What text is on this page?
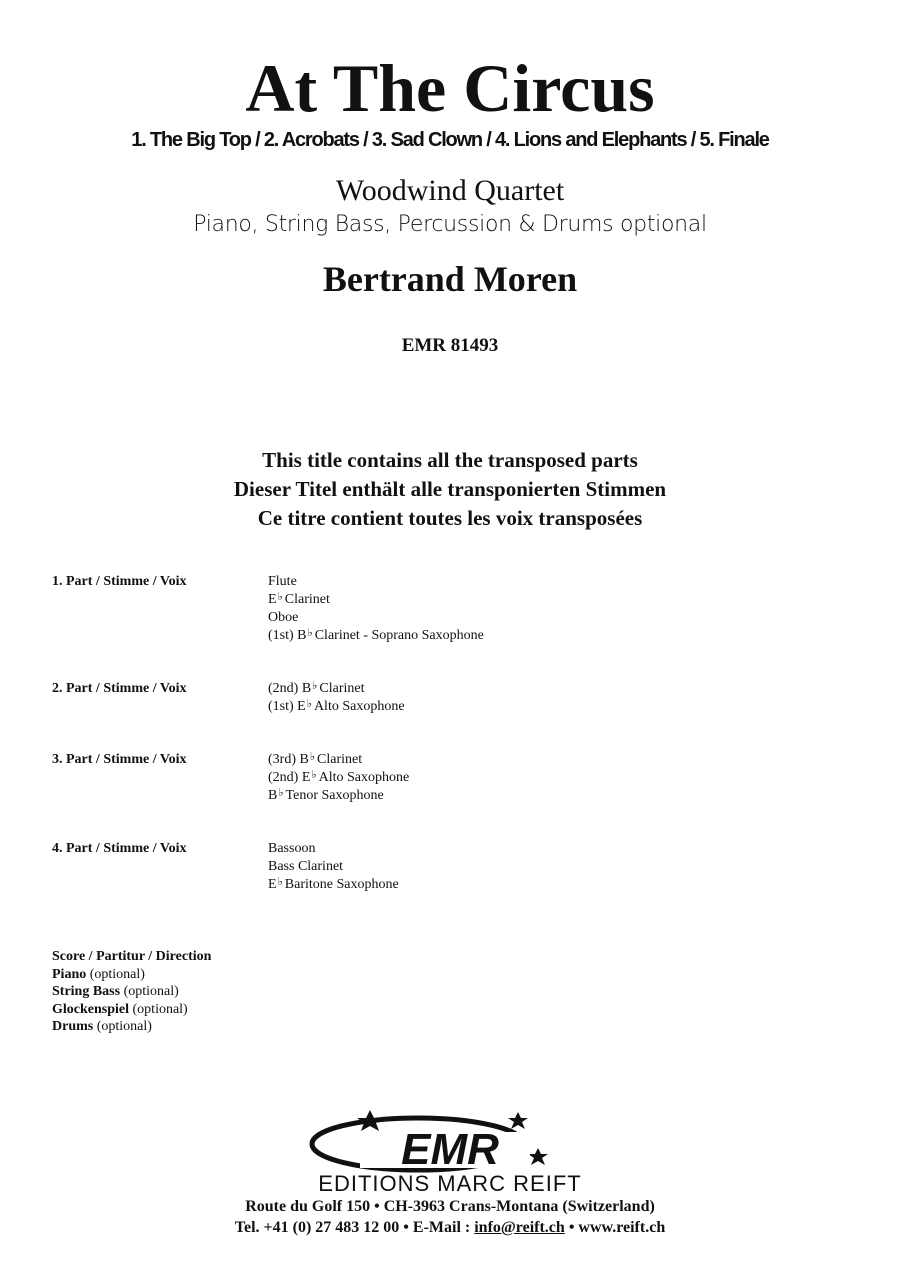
At The Circus
1. The Big Top / 2. Acrobats / 3. Sad Clown / 4. Lions and Elephants / 5. Finale
Woodwind Quartet
Piano, String Bass, Percussion & Drums optional
Bertrand Moren
EMR 81493
This title contains all the transposed parts
Dieser Titel enthält alle transponierten Stimmen
Ce titre contient toutes les voix transposées
1. Part / Stimme / Voix	Flute
E♭ Clarinet
Oboe
(1st) B♭ Clarinet - Soprano Saxophone
2. Part / Stimme / Voix	(2nd) B♭ Clarinet
(1st) E♭ Alto Saxophone
3. Part / Stimme / Voix	(3rd) B♭ Clarinet
(2nd) E♭ Alto Saxophone
B♭ Tenor Saxophone
4. Part / Stimme / Voix	Bassoon
Bass Clarinet
E♭ Baritone Saxophone
Score / Partitur / Direction
Piano (optional)
String Bass (optional)
Glockenspiel (optional)
Drums (optional)
EMR
EDITIONS MARC REIFT
Route du Golf 150 • CH-3963 Crans-Montana (Switzerland)
Tel. +41 (0) 27 483 12 00 • E-Mail : info@reift.ch • www.reift.ch
